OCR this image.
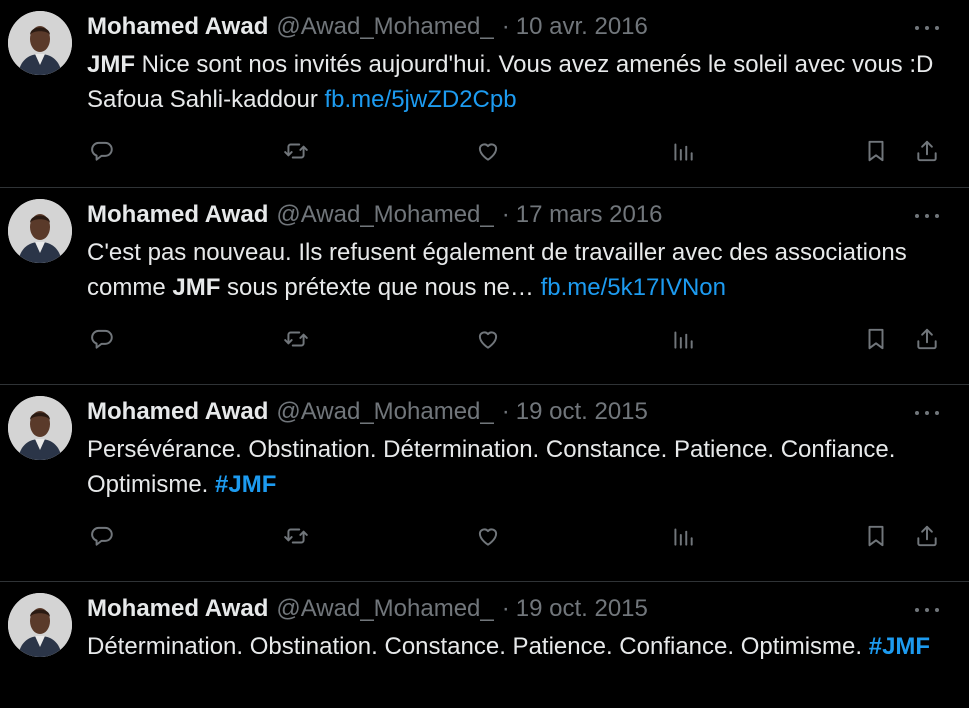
Mohamed Awad @Awad_Mohamed_ · 10 avr. 2016
JMF Nice sont nos invités aujourd'hui. Vous avez amenés le soleil avec vous :D Safoua Sahli-kaddour fb.me/5jwZD2Cpb
Mohamed Awad @Awad_Mohamed_ · 17 mars 2016
C'est pas nouveau. Ils refusent également de travailler avec des associations comme JMF sous prétexte que nous ne… fb.me/5k17IVNon
Mohamed Awad @Awad_Mohamed_ · 19 oct. 2015
Persévérance. Obstination. Détermination. Constance. Patience. Confiance. Optimisme. #JMF
Mohamed Awad @Awad_Mohamed_ · 19 oct. 2015
Détermination. Obstination. Constance. Patience. Confiance. Optimisme. #JMF
